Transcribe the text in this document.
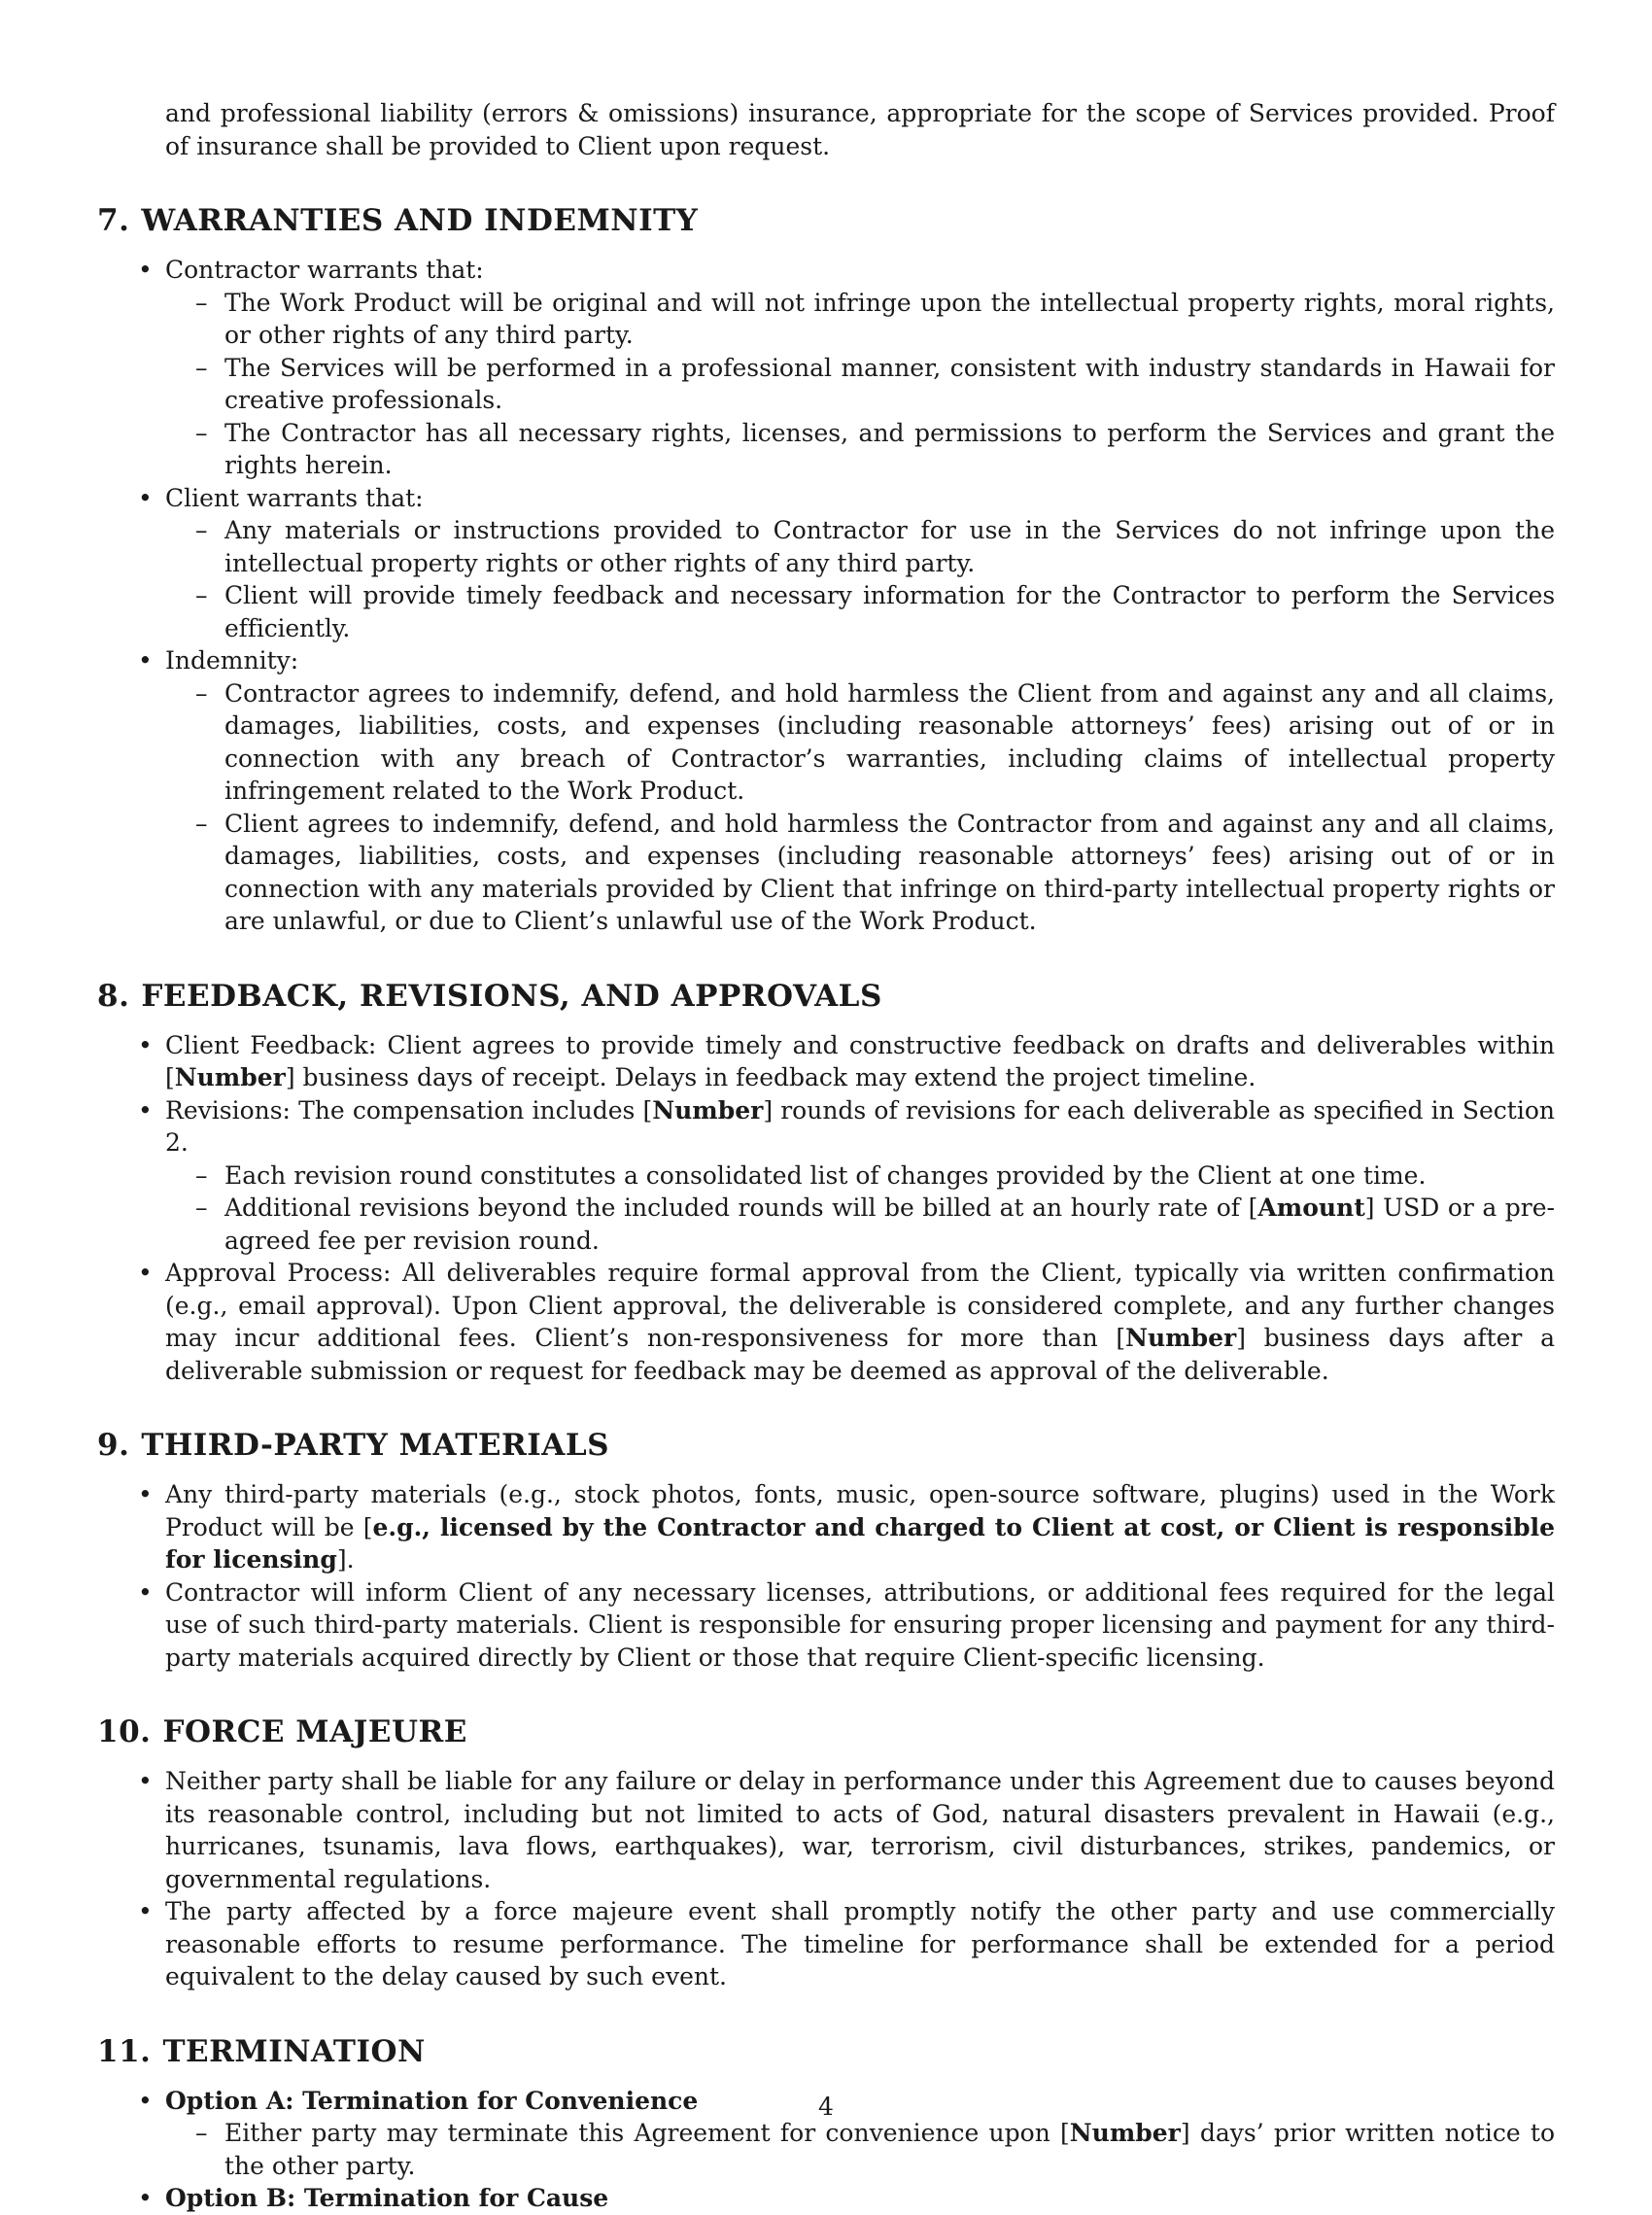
and professional liability (errors & omissions) insurance, appropriate for the scope of Services provided. Proof of insurance shall be provided to Client upon request.

7. WARRANTIES AND INDEMNITY
• Contractor warrants that:
– The Work Product will be original and will not infringe upon the intellectual property rights, moral rights, or other rights of any third party.
– The Services will be performed in a professional manner, consistent with industry standards in Hawaii for creative professionals.
– The Contractor has all necessary rights, licenses, and permissions to perform the Services and grant the rights herein.
• Client warrants that:
– Any materials or instructions provided to Contractor for use in the Services do not infringe upon the intellectual property rights or other rights of any third party.
– Client will provide timely feedback and necessary information for the Contractor to perform the Services efficiently.
• Indemnity:
– Contractor agrees to indemnify, defend, and hold harmless the Client from and against any and all claims, damages, liabilities, costs, and expenses (including reasonable attorneys’ fees) arising out of or in connection with any breach of Contractor’s warranties, including claims of intellectual property infringement related to the Work Product.
– Client agrees to indemnify, defend, and hold harmless the Contractor from and against any and all claims, damages, liabilities, costs, and expenses (including reasonable attorneys’ fees) arising out of or in connection with any materials provided by Client that infringe on third-party intellectual property rights or are unlawful, or due to Client’s unlawful use of the Work Product.
8. FEEDBACK, REVISIONS, AND APPROVALS
• Client Feedback: Client agrees to provide timely and constructive feedback on drafts and deliverables within [Number] business days of receipt. Delays in feedback may extend the project timeline.
• Revisions: The compensation includes [Number] rounds of revisions for each deliverable as specified in Section 2.
– Each revision round constitutes a consolidated list of changes provided by the Client at one time.
– Additional revisions beyond the included rounds will be billed at an hourly rate of [Amount] USD or a pre-agreed fee per revision round.
• Approval Process: All deliverables require formal approval from the Client, typically via written confirmation (e.g., email approval). Upon Client approval, the deliverable is considered complete, and any further changes may incur additional fees. Client’s non-responsiveness for more than [Number] business days after a deliverable submission or request for feedback may be deemed as approval of the deliverable.
9. THIRD-PARTY MATERIALS
• Any third-party materials (e.g., stock photos, fonts, music, open-source software, plugins) used in the Work Product will be [e.g., licensed by the Contractor and charged to Client at cost, or Client is responsible for licensing].
• Contractor will inform Client of any necessary licenses, attributions, or additional fees required for the legal use of such third-party materials. Client is responsible for ensuring proper licensing and payment for any third-party materials acquired directly by Client or those that require Client-specific licensing.
10. FORCE MAJEURE
• Neither party shall be liable for any failure or delay in performance under this Agreement due to causes beyond its reasonable control, including but not limited to acts of God, natural disasters prevalent in Hawaii (e.g., hurricanes, tsunamis, lava flows, earthquakes), war, terrorism, civil disturbances, strikes, pandemics, or governmental regulations.
• The party affected by a force majeure event shall promptly notify the other party and use commercially reasonable efforts to resume performance. The timeline for performance shall be extended for a period equivalent to the delay caused by such event.
11. TERMINATION
• Option A: Termination for Convenience
– Either party may terminate this Agreement for convenience upon [Number] days’ prior written notice to the other party.
• Option B: Termination for Cause
4
